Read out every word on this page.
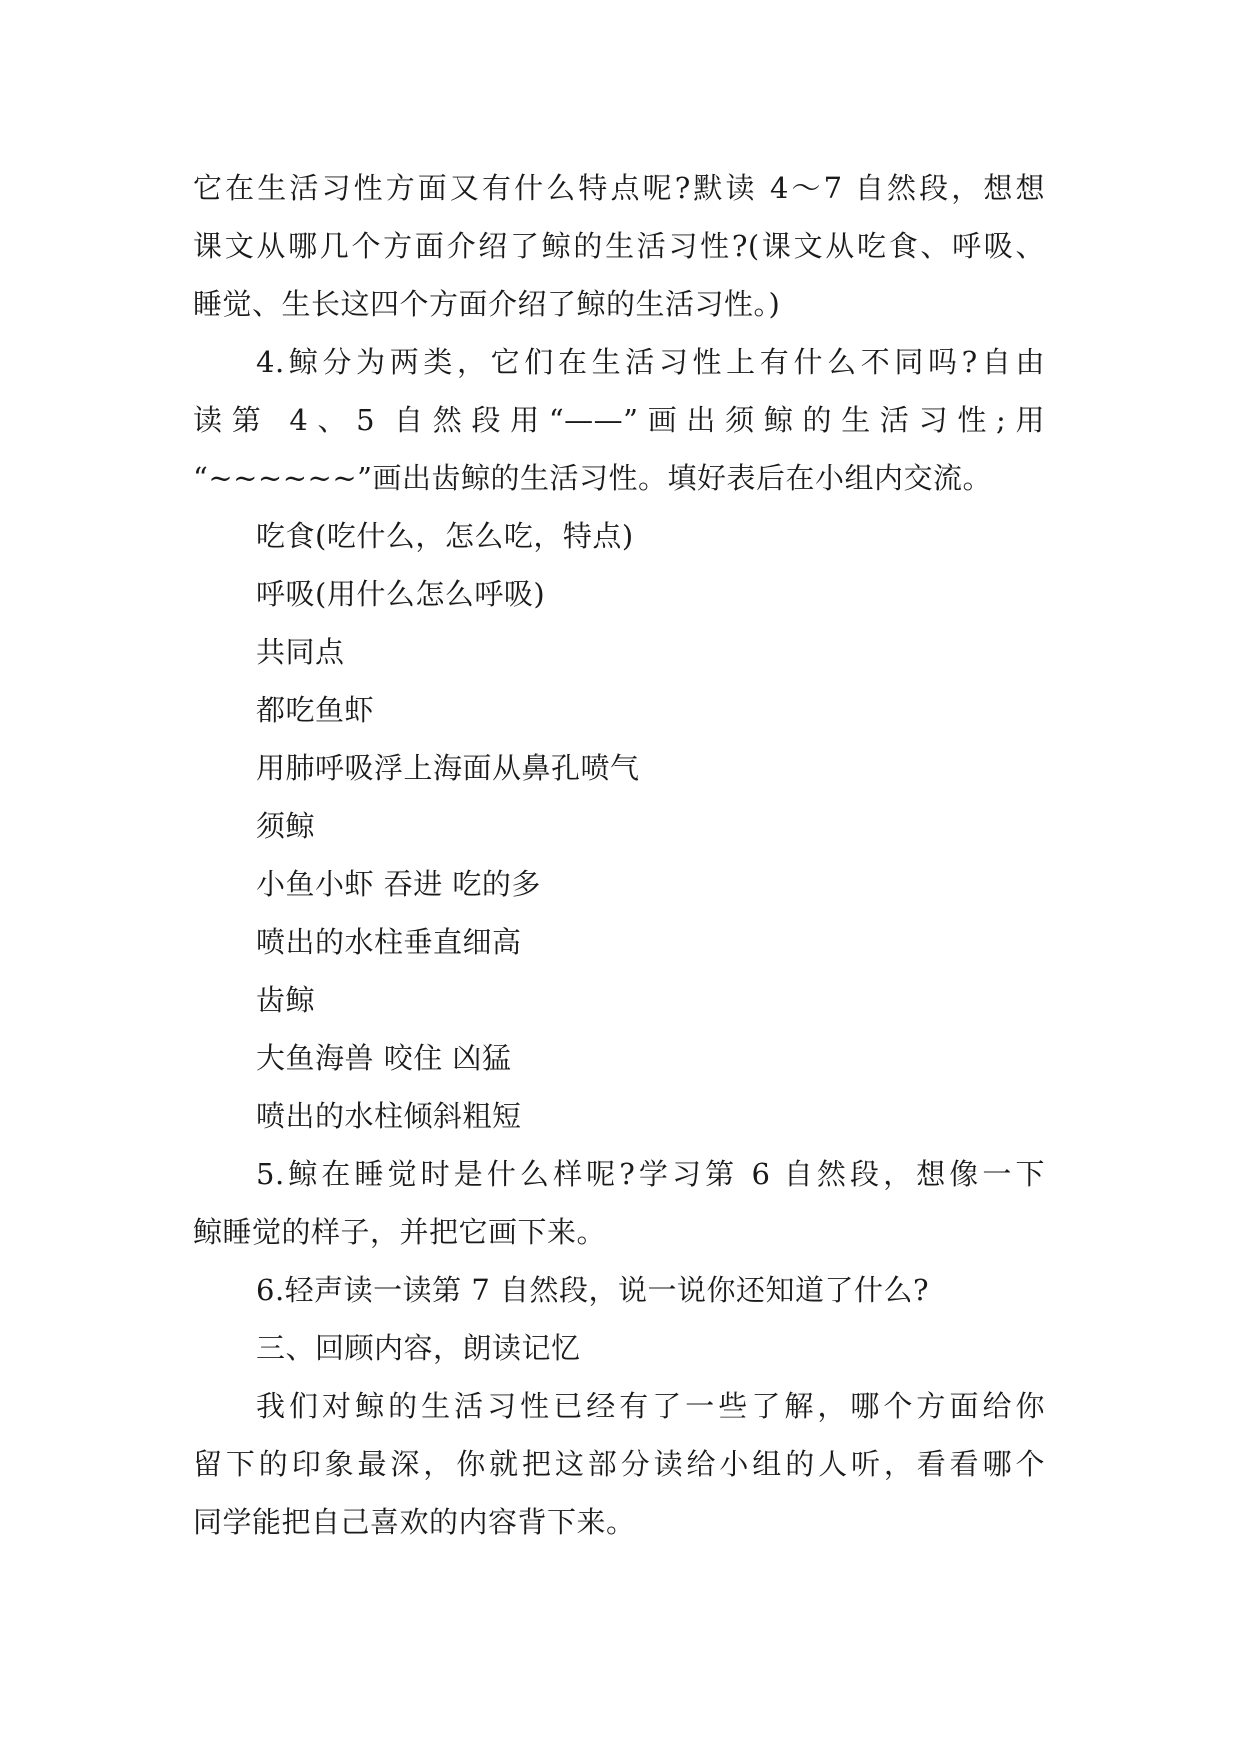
它在生活习性方面又有什么特点呢?默读 4～7 自然段，想想
课文从哪几个方面介绍了鲸的生活习性?(课文从吃食、呼吸、
睡觉、生长这四个方面介绍了鲸的生活习性。)
4.鲸分为两类，它们在生活习性上有什么不同吗?自由
读第 4、5 自然段用“——”画出须鲸的生活习性;用
“~~~~~~”画出齿鲸的生活习性。填好表后在小组内交流。
吃食(吃什么，怎么吃，特点)
呼吸(用什么怎么呼吸)
共同点
都吃鱼虾
用肺呼吸浮上海面从鼻孔喷气
须鲸
小鱼小虾 吞进 吃的多
喷出的水柱垂直细高
齿鲸
大鱼海兽 咬住 凶猛
喷出的水柱倾斜粗短
5.鲸在睡觉时是什么样呢?学习第 6 自然段，想像一下
鲸睡觉的样子，并把它画下来。
6.轻声读一读第 7 自然段，说一说你还知道了什么?
三、回顾内容，朗读记忆
我们对鲸的生活习性已经有了一些了解，哪个方面给你
留下的印象最深，你就把这部分读给小组的人听，看看哪个
同学能把自己喜欢的内容背下来。
